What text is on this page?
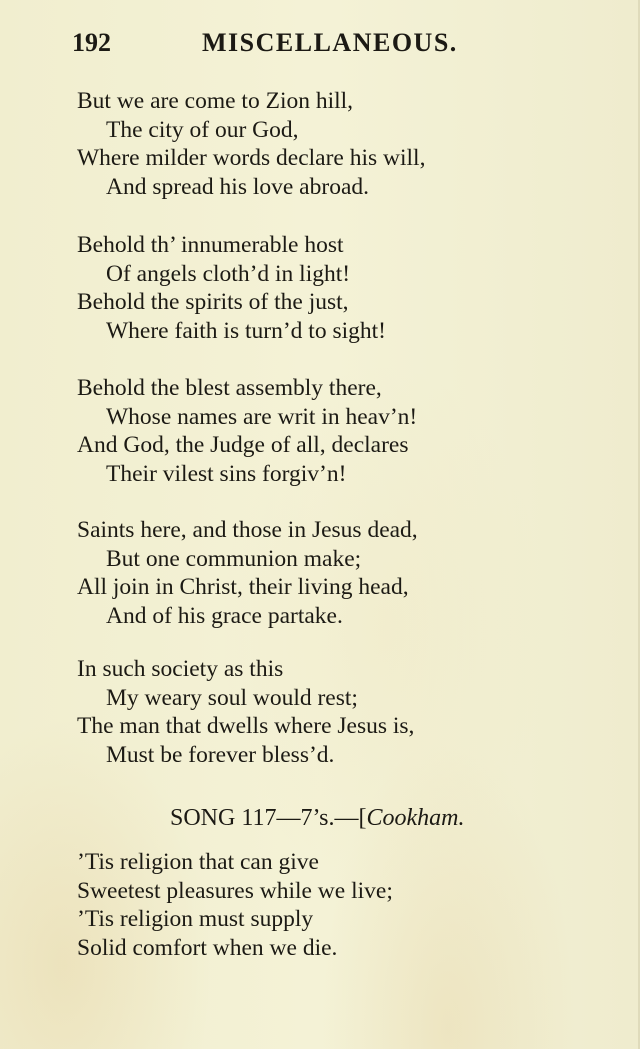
192	MISCELLANEOUS.
But we are come to Zion hill,
The city of our God,
Where milder words declare his will,
And spread his love abroad.
Behold th’ innumerable host
Of angels cloth’d in light!
Behold the spirits of the just,
Where faith is turn’d to sight!
Behold the blest assembly there,
Whose names are writ in heav’n!
And God, the Judge of all, declares
Their vilest sins forgiv’n!
Saints here, and those in Jesus dead,
But one communion make;
All join in Christ, their living head,
And of his grace partake.
In such society as this
My weary soul would rest;
The man that dwells where Jesus is,
Must be forever bless’d.
SONG 117—7’s.—[Cookham.
’Tis religion that can give
Sweetest pleasures while we live;
’Tis religion must supply
Solid comfort when we die.
